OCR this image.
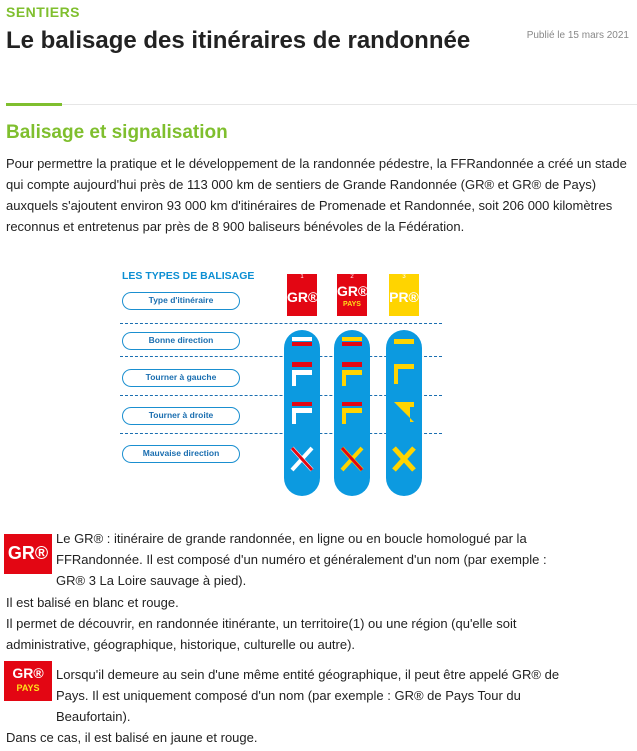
SENTIERS
Publié le 15 mars 2021
Le balisage des itinéraires de randonnée
Balisage et signalisation

Pour permettre la pratique et le développement de la randonnée pédestre, la FFRandonnée a créé un stade qui compte aujourd'hui près de 113 000 km de sentiers de Grande Randonnée (GR® et GR® de Pays) auxquels s'ajoutent environ 93 000 km d'itinéraires de Promenade et Randonnée, soit 206 000 kilomètres reconnus et entretenus par près de 8 900 baliseurs bénévoles de la Fédération.

LES TYPES DE BALISAGE	1
GR®
2
GR®

PAYS
3
PR®
Type d'itinéraire
Bonne direction
Tourner à gauche
Tourner à droite
Mauvaise direction
GR®

Le GR® : itinéraire de grande randonnée, en ligne ou en boucle homologué par la

FFRandonnée. Il est composé d'un numéro et généralement d'un nom (par exemple :

GR® 3 La Loire sauvage à pied).

Il est balisé en blanc et rouge.

Il permet de découvrir, en randonnée itinérante, un territoire(1) ou une région (qu'elle soit

administrative, géographique, historique, culturelle ou autre).

GR®
PAYS

Lorsqu'il demeure au sein d'une même entité géographique, il peut être appelé GR® de

Pays. Il est uniquement composé d'un nom (par exemple : GR® de Pays Tour du

Beaufortain).

Dans ce cas, il est balisé en jaune et rouge.
